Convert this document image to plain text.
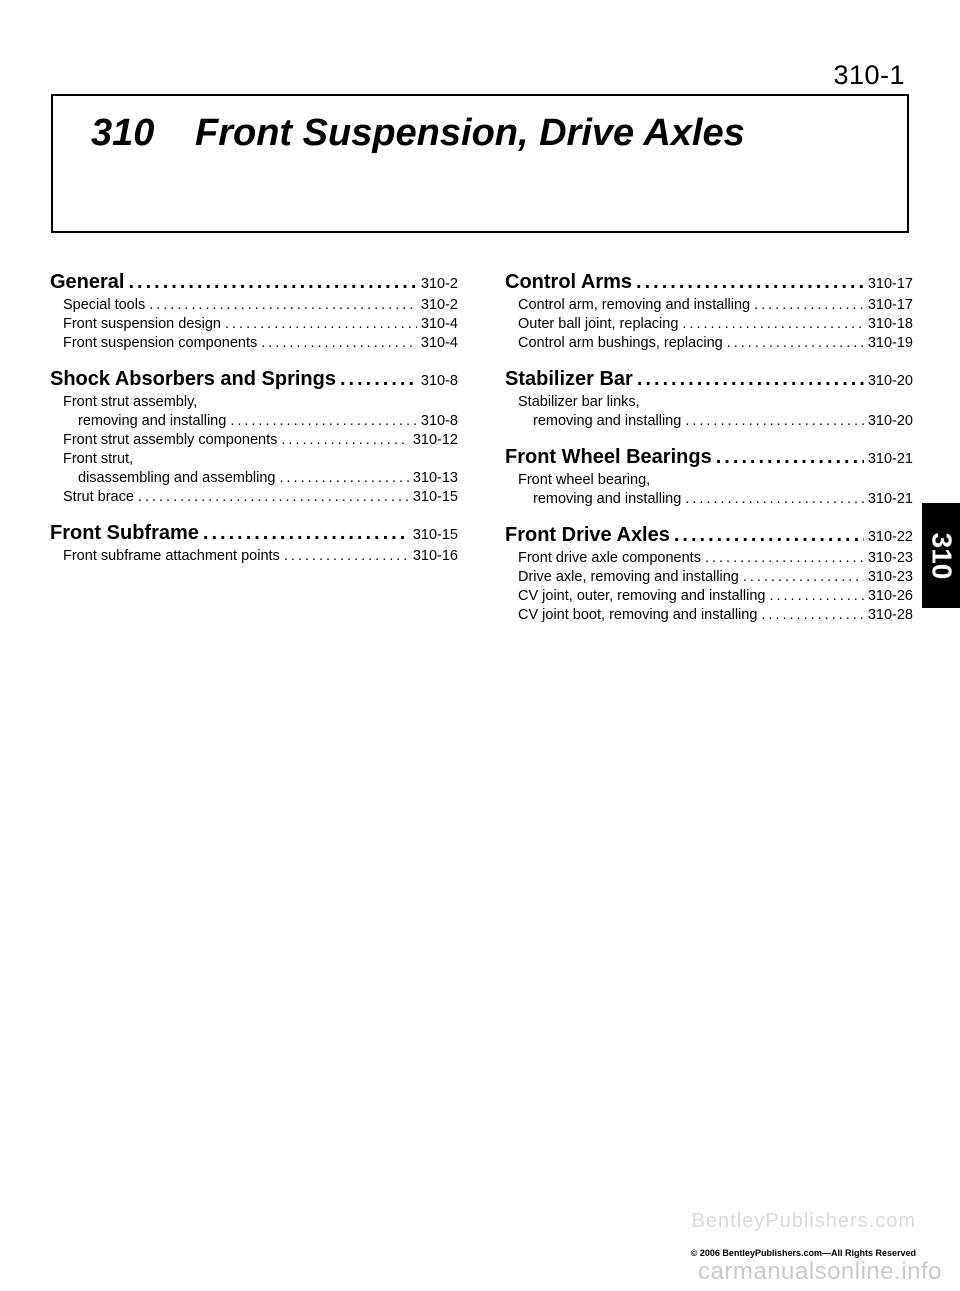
310-1
310 Front Suspension, Drive Axles
General .....	310-2
Special tools .....	310-2
Front suspension design .....	310-4
Front suspension components .....	310-4
Shock Absorbers and Springs .....	310-8
Front strut assembly,
removing and installing .....	310-8
Front strut assembly components .....	310-12
Front strut,
disassembling and assembling .....	310-13
Strut brace .....	310-15
Front Subframe .....	310-15
Front subframe attachment points .....	310-16
Control Arms .....	310-17
Control arm, removing and installing .....	310-17
Outer ball joint, replacing .....	310-18
Control arm bushings, replacing .....	310-19
Stabilizer Bar .....	310-20
Stabilizer bar links,
removing and installing .....	310-20
Front Wheel Bearings .....	310-21
Front wheel bearing,
removing and installing .....	310-21
Front Drive Axles .....	310-22
Front drive axle components .....	310-23
Drive axle, removing and installing .....	310-23
CV joint, outer, removing and installing .....	310-26
CV joint boot, removing and installing .....	310-28
310
BentleyPublishers.com
© 2006 BentleyPublishers.com—All Rights Reserved
carmanualsonline.info
